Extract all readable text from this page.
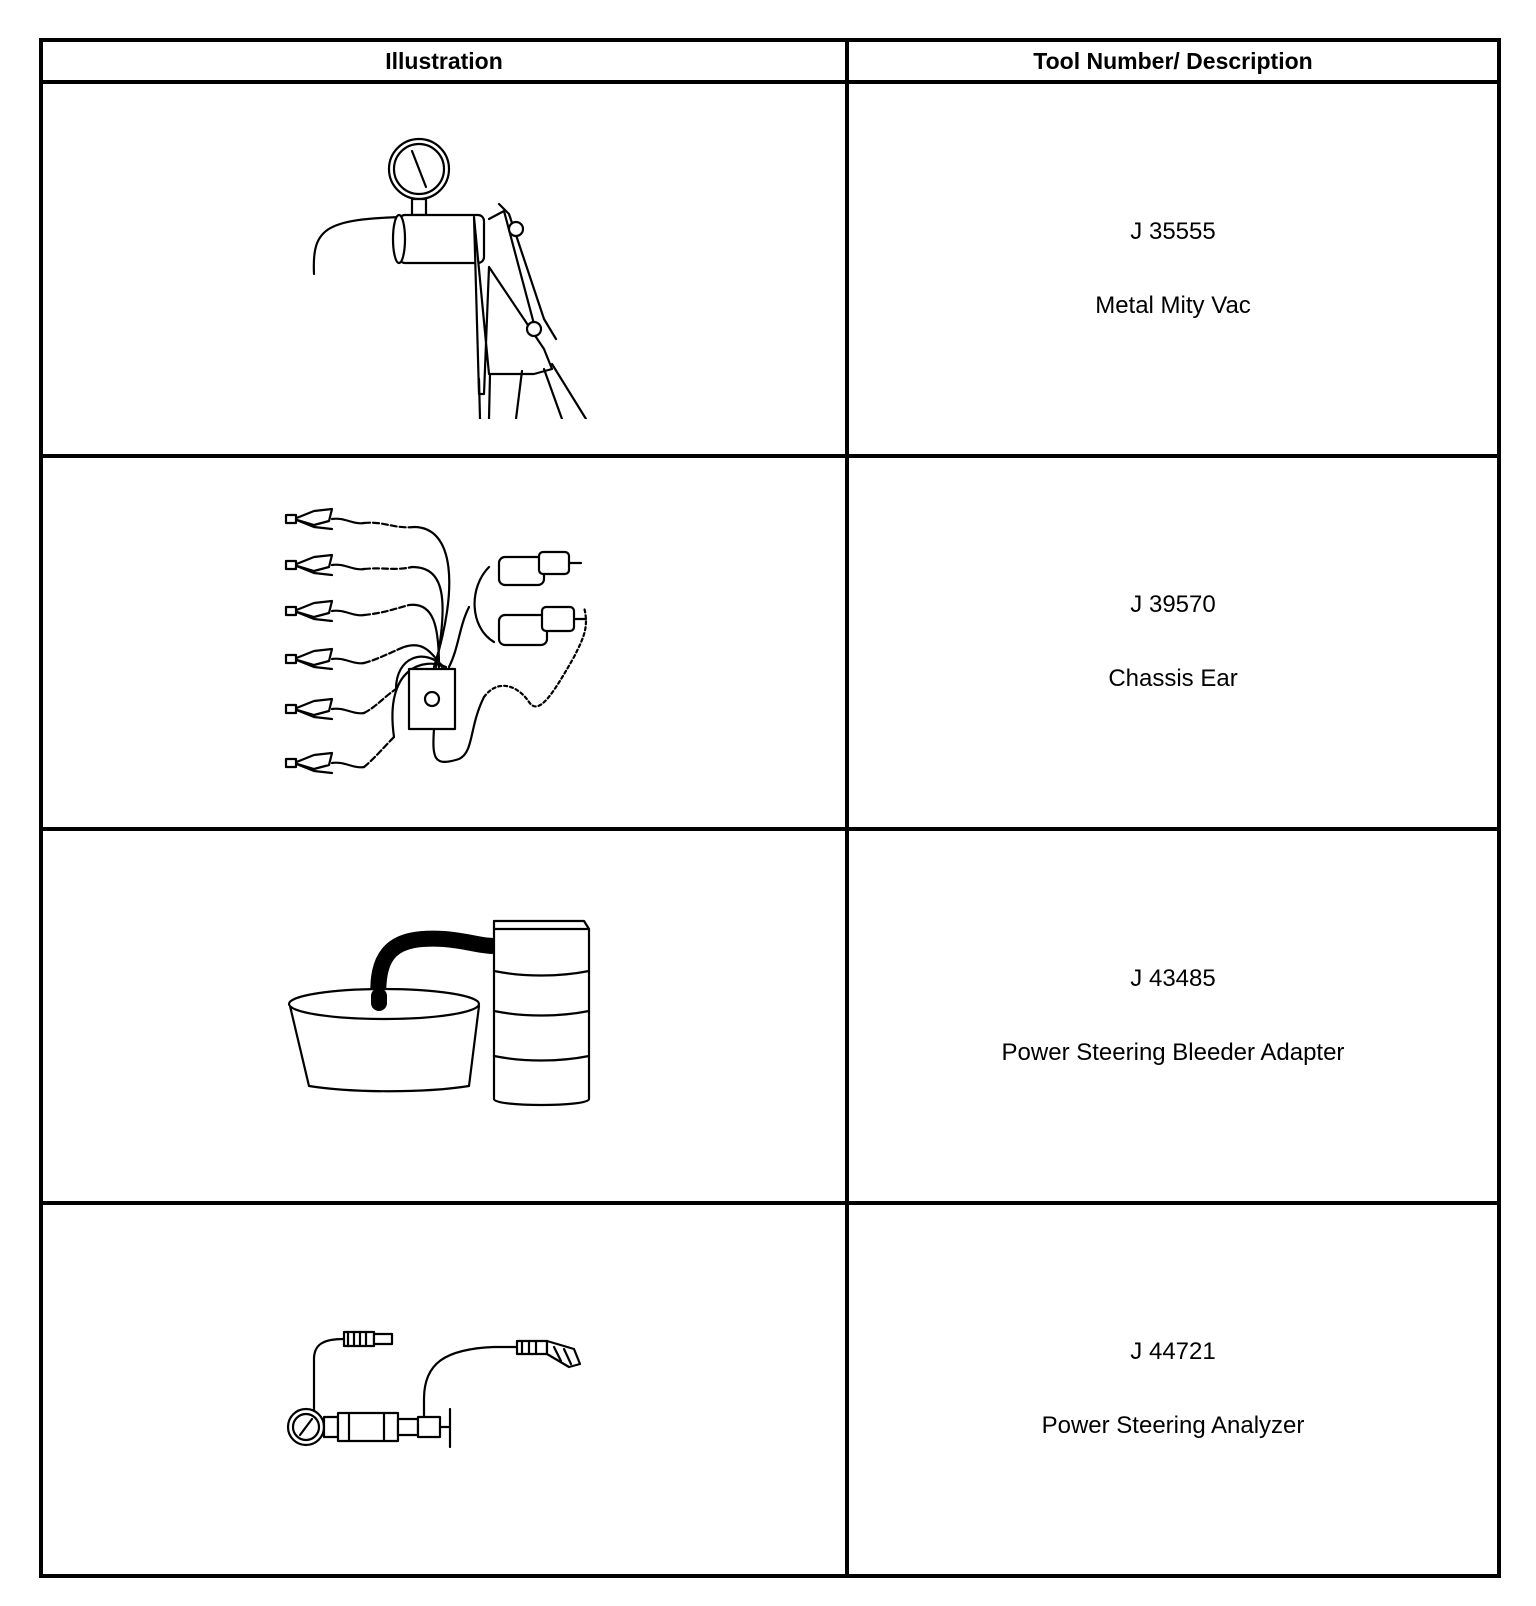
Illustration	Tool Number/ Description

J 35555
Metal Mity Vac

J 39570
Chassis Ear

J 43485
Power Steering Bleeder Adapter

J 44721
Power Steering Analyzer
